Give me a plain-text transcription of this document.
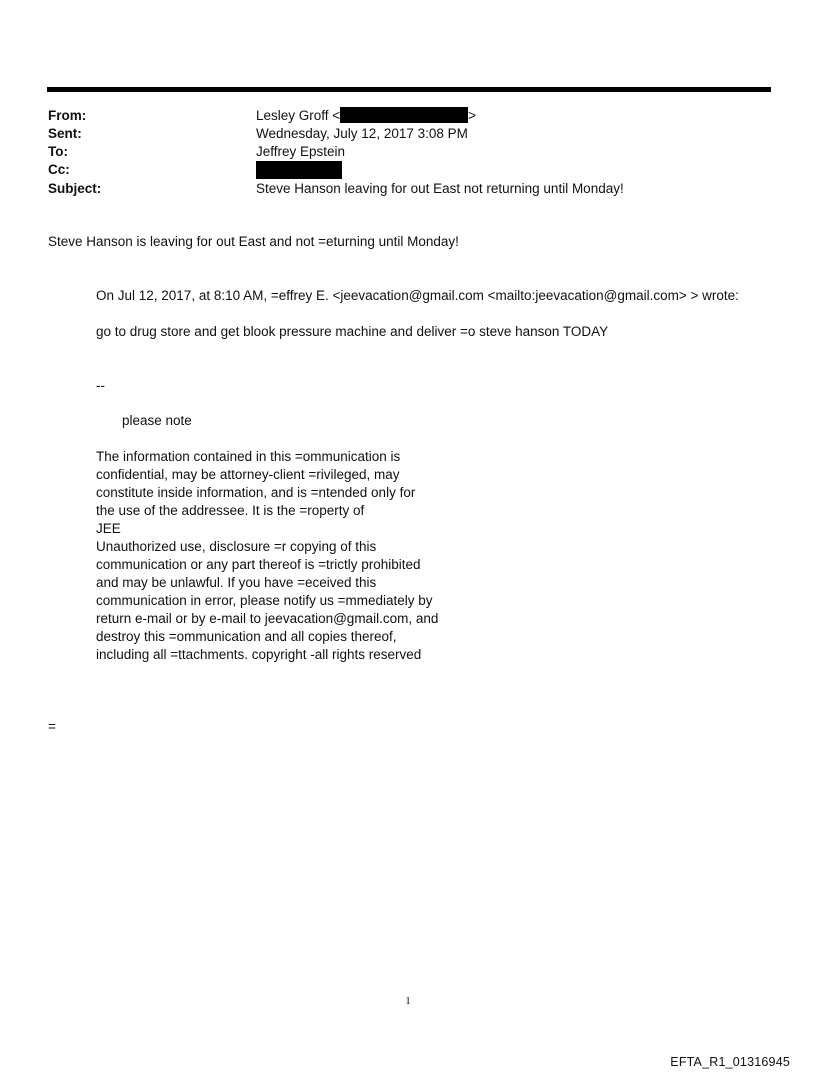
From:	Lesley Groff <	>
Sent:	Wednesday, July 12, 2017 3:08 PM
To:	Jeffrey Epstein
Cc:
Subject:	Steve Hanson leaving for out East not returning until Monday!
Steve Hanson is leaving for out East and not =eturning until Monday!
On Jul 12, 2017, at 8:10 AM, =effrey E. <jeevacation@gmail.com <mailto:jeevacation@gmail.com> > wrote:
go to drug store and get blook pressure machine and deliver =o steve hanson TODAY
--
please note
The information contained in this =ommunication is
confidential, may be attorney-client =rivileged, may
constitute inside information, and is =ntended only for
the use of the addressee. It is the =roperty of
JEE
Unauthorized use, disclosure =r copying of this
communication or any part thereof is =trictly prohibited
and may be unlawful. If you have =eceived this
communication in error, please notify us =mmediately by
return e-mail or by e-mail to jeevacation@gmail.com, and
destroy this =ommunication and all copies thereof,
including all =ttachments. copyright -all rights reserved
=
1
EFTA_R1_01316945
